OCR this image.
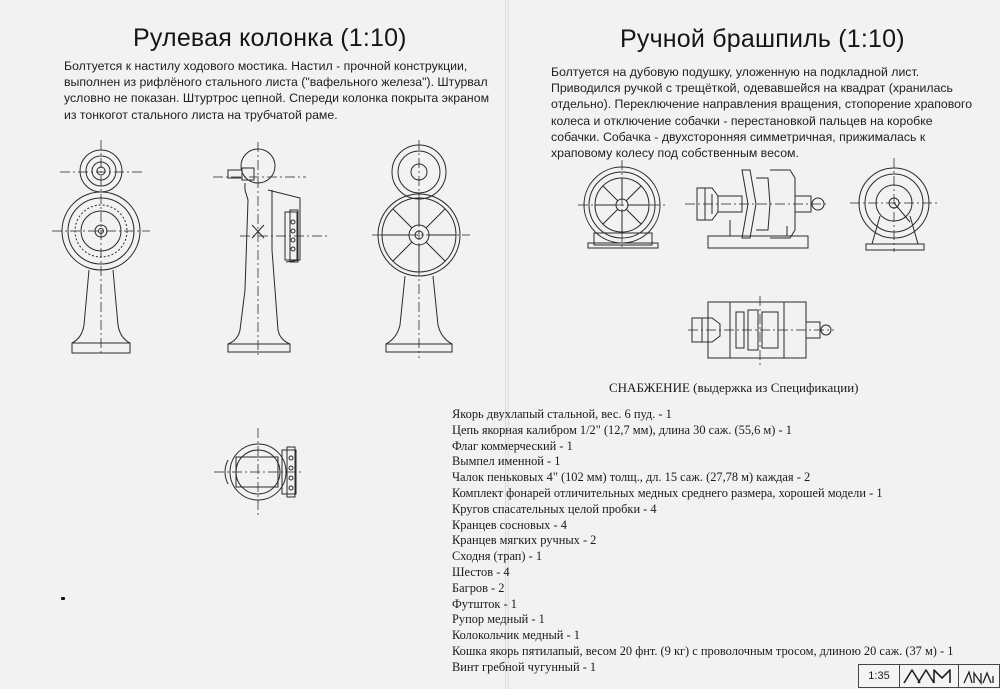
Рулевая колонка (1:10)
Болтуется к настилу ходового мостика. Настил - прочной конструкции,
выполнен из рифлёного стального листа ("вафельного железа"). Штурвал
условно не показан. Штуртрос цепной. Спереди колонка покрыта экраном
из тонкогот стального листа на трубчатой раме.
Ручной брашпиль (1:10)
Болтуется на дубовую подушку, уложенную на подкладной лист.
Приводился ручкой с трещёткой, одевавшейся на квадрат (хранилась
отдельно). Переключение направления вращения, стопорение храпового
колеса и отключение собачки - перестановкой пальцев на коробке
собачки. Собачка - двухсторонняя симметричная, прижималась к
храповому колесу под собственным весом.
СНАБЖЕНИЕ (выдержка из Спецификации)
Якорь двухлапый стальной, вес. 6 пуд. - 1
Цепь якорная калибром 1/2" (12,7 мм), длина 30 саж. (55,6 м) - 1
Флаг коммерческий - 1
Вымпел именной - 1
Чалок пеньковых 4" (102 мм) толщ., дл. 15 саж. (27,78 м) каждая - 2
Комплект фонарей отличительных медных среднего размера, хорошей модели - 1
Кругов спасательных целой пробки - 4
Кранцев сосновых - 4
Кранцев мягких ручных - 2
Сходня (трап) - 1
Шестов - 4
Багров - 2
Футшток - 1
Рупор медный - 1
Колокольчик медный - 1
Кошка якорь пятилапый, весом 20 фнт. (9 кг) с проволочным тросом, длиною 20 саж. (37 м) - 1
Винт гребной чугунный - 1
1:35
